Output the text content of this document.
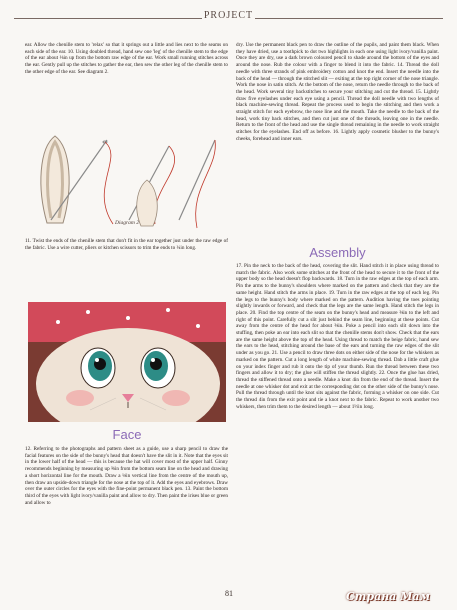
PROJECT

ear. Allow the chenille stem to 'relax' so that it springs out a little and lies next to the seams on each side of the ear. 10. Using doubled thread, hand sew one 'leg' of the chenille stem to the edge of the ear about ⅛in up from the bottom raw edge of the ear. Work small running stitches across the ear. Gently pull up the stitches to gather the ear, then sew the other leg of the chenille stem to the other edge of the ear. See diagram 2.

Diagram 2

11. Twist the ends of the chenille stem that don't fit in the ear together just under the raw edge of the fabric. Use a wire cutter, pliers or kitchen scissors to trim the ends to ¼in long.

Face

12. Referring to the photographs and pattern sheet as a guide, use a sharp pencil to draw the facial features on the side of the bunny's head that doesn't have the slit in it. Note that the eyes sit in the lower half of the head — this is because the hat will cover most of the upper half. Ginny recommends beginning by measuring up ⅝in from the bottom seam line on the head and drawing a short horizontal line for the mouth. Draw a ⅛in vertical line from the centre of the mouth up, then draw an upside-down triangle for the nose at the top of it. Add the eyes and eyebrows. Draw over the outer circles for the eyes with the fine-point permanent black pen. 13. Paint the bottom third of the eyes with light ivory/vanilla paint and allow to dry. Then paint the irises blue or green and allow to

dry. Use the permanent black pen to draw the outline of the pupils, and paint them black. When they have dried, use a toothpick to dot two highlights in each one using light ivory/vanilla paint. Once they are dry, use a dark brown coloured pencil to shade around the bottom of the eyes and around the nose. Rub the colour with a finger to blend it into the fabric. 14. Thread the doll needle with three strands of pink embroidery cotton and knot the end. Insert the needle into the back of the head — through the stitched slit — exiting at the top right corner of the nose triangle. Work the nose in satin stitch. At the bottom of the nose, return the needle through to the back of the head. Work several tiny backstitches to secure your stitching and cut the thread. 15. Lightly draw five eyelashes under each eye using a pencil. Thread the doll needle with two lengths of black machine-sewing thread. Repeat the process used to begin the stitching and then work a straight stitch for each eyebrow, the nose line and the mouth. Take the needle to the back of the head, work tiny back stitches, and then cut just one of the threads, leaving one in the needle. Return to the front of the head and use the single thread remaining in the needle to work straight stitches for the eyelashes. End off as before. 16. Lightly apply cosmetic blusher to the bunny's cheeks, forehead and inner ears.

Assembly

17. Pin the neck to the back of the head, covering the slit. Hand stitch it in place using thread to match the fabric. Also work some stitches at the front of the head to secure it to the front of the upper body so the head doesn't flop backwards. 18. Turn in the raw edges at the top of each arm. Pin the arms to the bunny's shoulders where marked on the pattern and check that they are the same height. Hand stitch the arms in place. 19. Turn in the raw edges at the top of each leg. Pin the legs to the bunny's body where marked on the pattern. Audition having the toes pointing slightly inwards or forward, and check that the legs are the same length. Hand stitch the legs in place. 20. Find the top centre of the seam on the bunny's head and measure ⅜in to the left and right of this point. Carefully cut a slit just behind the seam line, beginning at these points. Cut away from the centre of the head for about ⅜in. Poke a pencil into each slit down into the stuffing, then poke an ear into each slit so that the chenille stems don't show. Check that the ears are the same height above the top of the head. Using thread to match the beige fabric, hand sew the ears to the head, stitching around the base of the ears and turning the raw edges of the slit under as you go. 21. Use a pencil to draw three dots on either side of the nose for the whiskers as marked on the pattern. Cut a long length of white machine-sewing thread. Dab a little craft glue on your index finger and rub it onto the tip of your thumb. Run the thread between these two fingers and allow it to dry; the glue will stiffen the thread slightly. 22. Once the glue has dried, thread the stiffened thread onto a needle. Make a knot 4in from the end of the thread. Insert the needle at one whisker dot and exit at the corresponding dot on the other side of the bunny's nose. Pull the thread through until the knot sits against the fabric, forming a whisker on one side. Cut the thread 4in from the exit point and tie a knot next to the fabric. Repeat to work another two whiskers, then trim them to the desired length — about 1½in long.

81	Страна Мам
